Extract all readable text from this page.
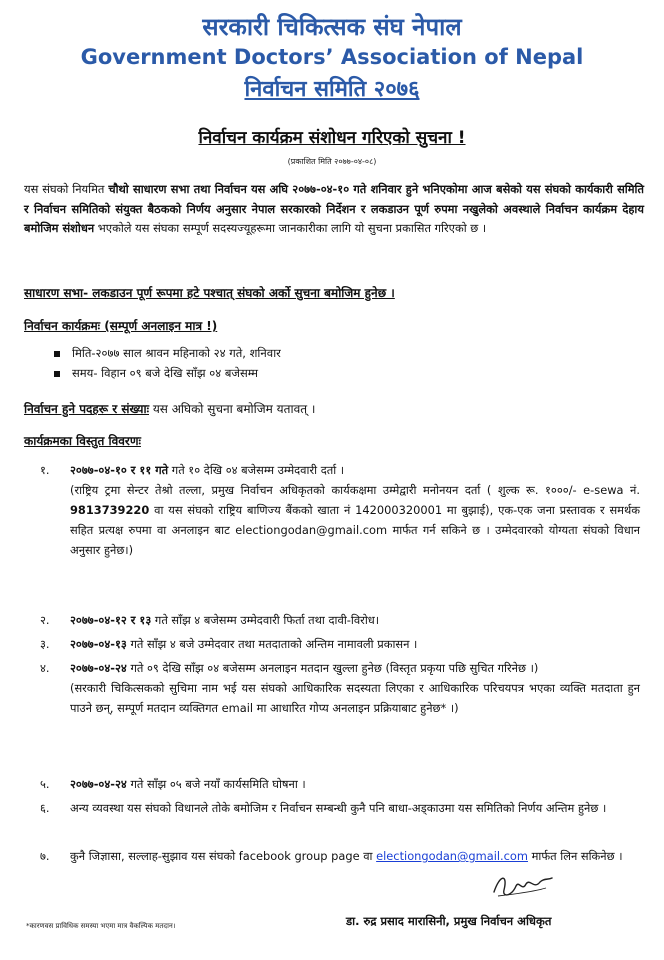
सरकारी चिकित्सक संघ नेपाल
Government Doctors’ Association of Nepal
निर्वाचन समिति २०७६
निर्वाचन कार्यक्रम संशोधन गरिएको सुचना !
(प्रकाशित मिति २०७७-०४-०८)
यस संघको नियमित चौथो साधारण सभा तथा निर्वाचन यस अघि २०७७-०४-१० गते शनिवार हुने भनिएकोमा आज बसेको यस संघको कार्यकारी समिति र निर्वाचन समितिको संयुक्त बैठकको निर्णय अनुसार नेपाल सरकारको निर्देशन र लकडाउन पूर्ण रुपमा नखुलेको अवस्थाले निर्वाचन कार्यक्रम देहाय बमोजिम संशोधन भएकोले यस संघका सम्पूर्ण सदस्यज्यूहरूमा जानकारीका लागि यो सुचना प्रकासित गरिएको छ ।
साधारण सभा- लकडाउन पूर्ण रूपमा हटे पश्चात् संघको अर्को सुचना बमोजिम हुनेछ ।
निर्वाचन कार्यक्रमः (सम्पूर्ण अनलाइन मात्र !)
मिति-२०७७ साल श्रावन महिनाको २४ गते, शनिवार
समय- विहान ०९ बजे देखि साँझ ०४ बजेसम्म
निर्वाचन हुने पदहरू र संख्याः यस अघिको सुचना बमोजिम यतावत् ।
कार्यक्रमका विस्तुत विवरणः
१.	२०७७-०४-१० र ११ गते गते १० देखि ०४ बजेसम्म उम्मेदवारी दर्ता ।
(राष्ट्रिय ट्रमा सेन्टर तेश्रो तल्ला, प्रमुख निर्वाचन अधिकृतको कार्यकक्षमा उम्मेद्वारी मनोनयन दर्ता ( शुल्क रू. १०००/- e-sewa नं. 9813739220 वा यस संघको राष्ट्रिय बाणिज्य बैंकको खाता नं 142000320001 मा बुझाई), एक-एक जना प्रस्तावक र समर्थक सहित प्रत्यक्ष रुपमा वा अनलाइन बाट electiongodan@gmail.com मार्फत गर्न सकिने छ । उम्मेदवारको योग्यता संघको विधान अनुसार हुनेछ।)
२.	२०७७-०४-१२ र १३ गते साँझ ४ बजेसम्म उम्मेदवारी फिर्ता तथा दावी-विरोध।
३.	२०७७-०४-१३ गते साँझ ४ बजे उम्मेदवार तथा मतदाताको अन्तिम नामावली प्रकासन ।
४.	२०७७-०४-२४ गते ०९ देखि साँझ ०४ बजेसम्म अनलाइन मतदान खुल्ला हुनेछ (विस्तृत प्रकृया पछि सुचित गरिनेछ ।)
(सरकारी चिकित्सकको सुचिमा नाम भई यस संघको आधिकारिक सदस्यता लिएका र आधिकारिक परिचयपत्र भएका व्यक्ति मतदाता हुन पाउने छन्, सम्पूर्ण मतदान व्यक्तिगत email मा आधारित गोप्य अनलाइन प्रक्रियाबाट हुनेछ* ।)
५.	२०७७-०४-२४ गते साँझ ०५ बजे नयाँ कार्यसमिति घोषना ।
६.	अन्य व्यवस्था यस संघको विधानले तोके बमोजिम र निर्वाचन सम्बन्धी कुनै पनि बाधा-अड्काउमा यस समितिको निर्णय अन्तिम हुनेछ ।
७.	कुनै जिज्ञासा, सल्लाह-सुझाव यस संघको facebook group page वा electiongodan@gmail.com मार्फत लिन सकिनेछ ।
*कारणवस प्राविधिक समस्या भएमा मात्र वैकल्पिक मतदान।	डा. रुद्र प्रसाद मारासिनी, प्रमुख निर्वाचन अधिकृत
